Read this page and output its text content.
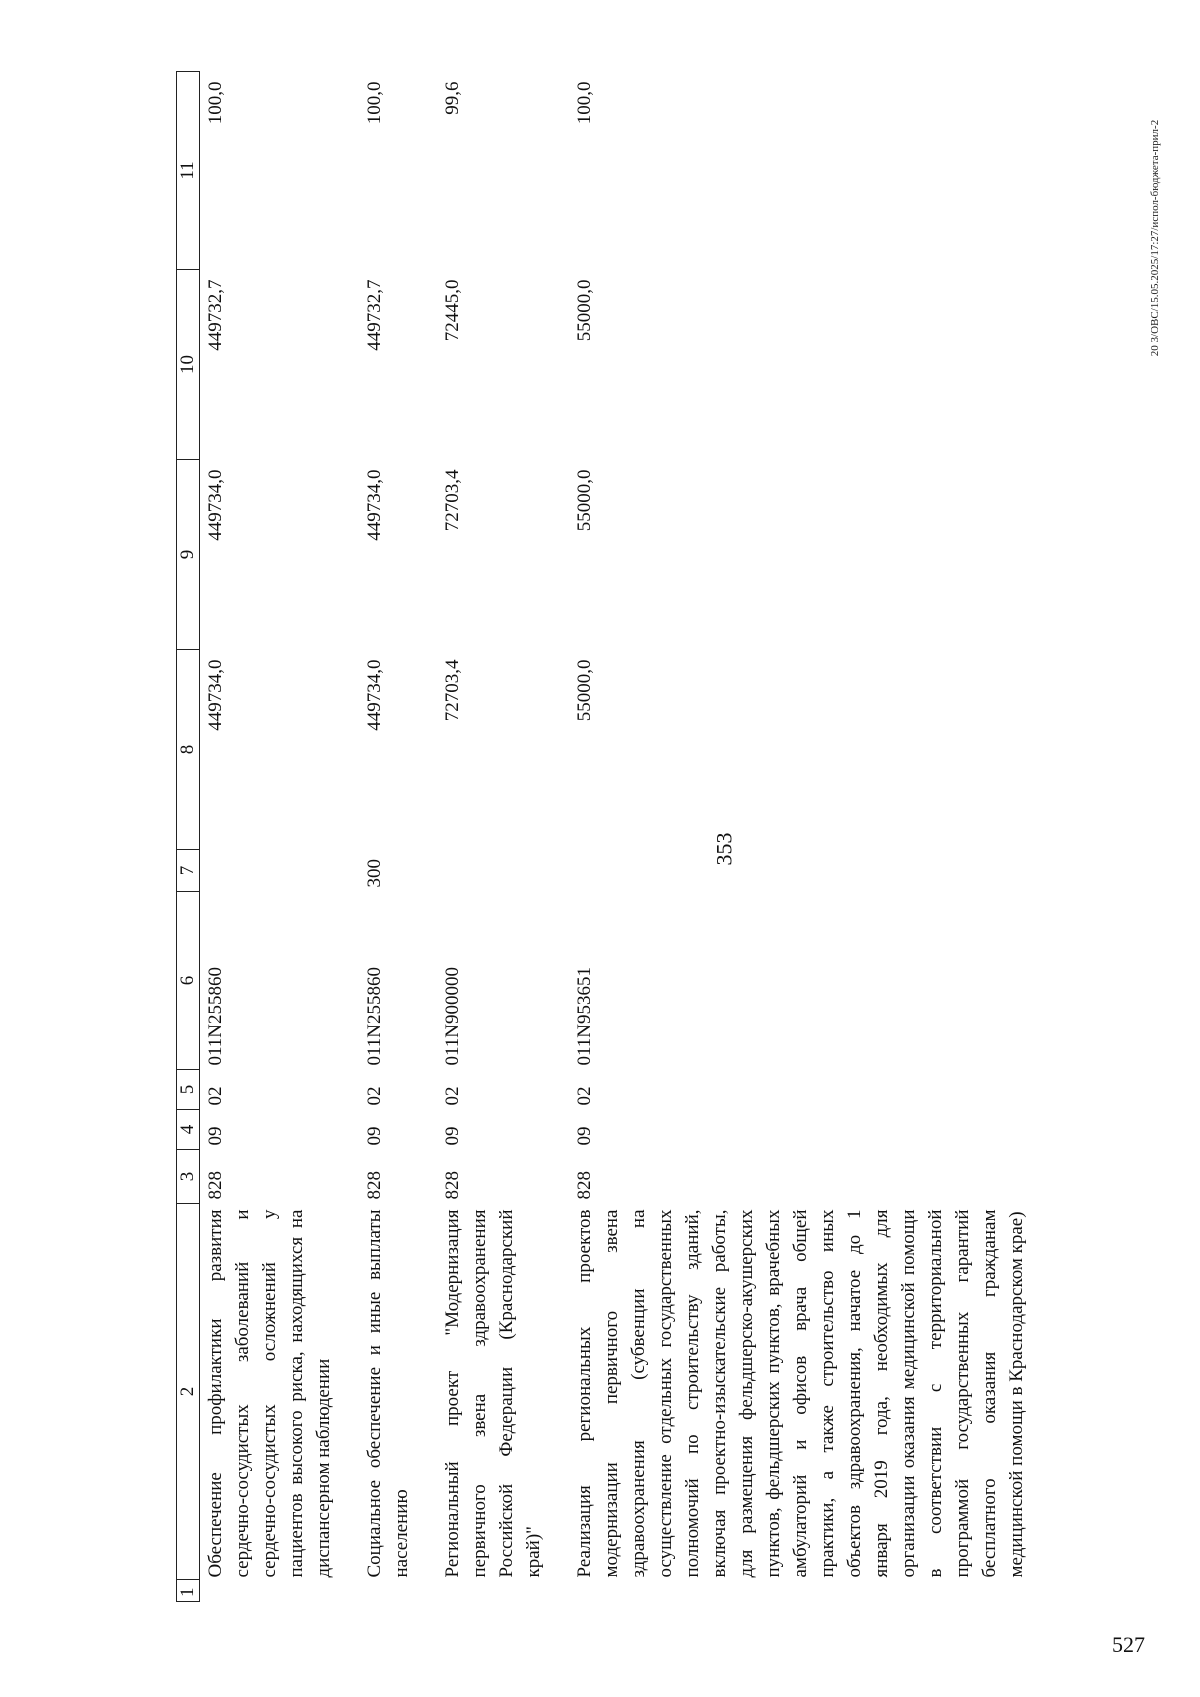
353
20 3/ОВС/15.05.2025/17:27/испол-бюджета-прил-2
527
1	2	3	4	5	6	7	8	9	10	11
Обеспечение профилактики развития сердечно-сосудистых заболеваний и сердечно-сосудистых осложнений у пациентов высокого риска, находящихся на диспансерном наблюдении		828	09	02	011N255860		449734,0	449734,0	449732,7	100,0
Социальное обеспечение и иные выплаты населению		828	09	02	011N255860	300	449734,0	449734,0	449732,7	100,0
Региональный проект "Модернизация первичного звена здравоохранения Российской Федерации (Краснодарский край)"		828	09	02	011N900000		72703,4	72703,4	72445,0	99,6
Реализация региональных проектов модернизации первичного звена здравоохранения (субвенции на осуществление отдельных государственных полномочий по строительству зданий, включая проектно-изыскательские работы, для размещения фельдшерско-акушерских пунктов, фельдшерских пунктов, врачебных амбулаторий и офисов врача общей практики, а также строительство иных объектов здравоохранения, начатое до 1 января 2019 года, необходимых для организации оказания медицинской помощи в соответствии с территориальной программой государственных гарантий бесплатного оказания гражданам медицинской помощи в Краснодарском крае)		828	09	02	011N953651		55000,0	55000,0	55000,0	100,0
